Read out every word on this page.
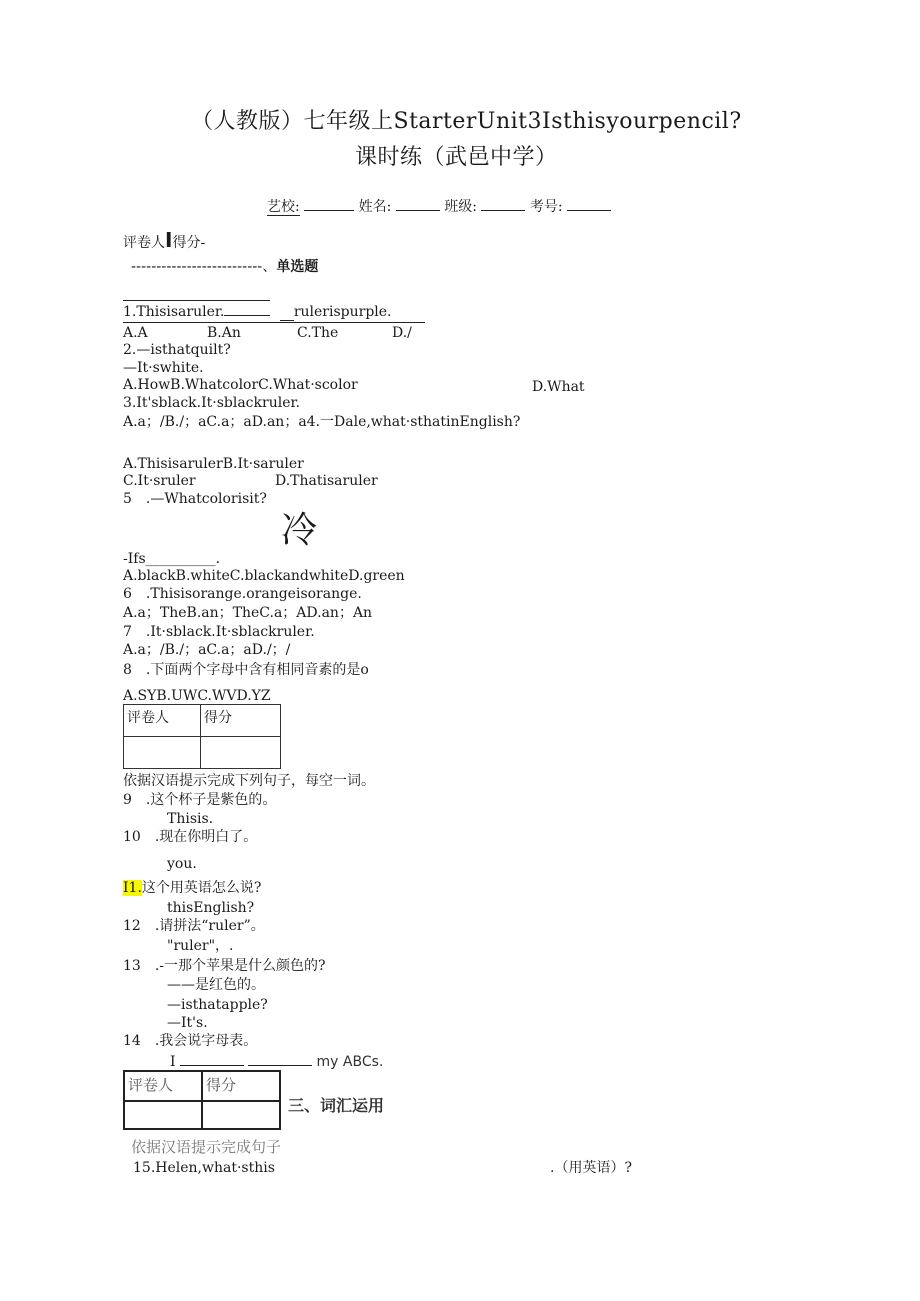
（人教版）七年级上StarterUnit3Isthisyourpencil?
课时练（武邑中学）
艺校:	姓名:	班级:	考号:
评卷人I得分-
--------------------------、单选题
1.Thisisaruler.	rulerispurple.
A.A	B.An	C.The	D./
2.—isthatquilt?
—It·swhite.
A.HowB.WhatcolorC.What·scolor	D.What
3.It'sblack.It·sblackruler.
A.a；/B./；aC.a；aD.an；a4.一Dale,what·sthatinEnglish?
A.ThisisarulerB.It·saruler
C.It·sruler	D.Thatisaruler
5 .—Whatcolorisit?
冷
-Ifs__________.
A.blackB.whiteC.blackandwhiteD.green
6 .Thisisorange.orangeisorange.
A.a；TheB.an；TheC.a；AD.an；An
7 .It·sblack.It·sblackruler.
A.a；/B./；aC.a；aD./；/
8 .下面两个字母中含有相同音素的是o
A.SYB.UWC.WVD.YZ
评卷人	得分

依据汉语提示完成下列句子，每空一词。
9 .这个杯子是紫色的。
Thisis.
10 .现在你明白了。
you.
I1.这个用英语怎么说?
thisEnglish?
12 .请拼法“ruler”。
"ruler"，.
13 .-一那个苹果是什么颜色的?
——是红色的。
—isthatapple?
—It's.
14 .我会说字母表。
I	my ABCs.
评卷人	得分

三、词汇运用
依据汉语提示完成句子
15.Helen,what·sthis	.（用英语）?
